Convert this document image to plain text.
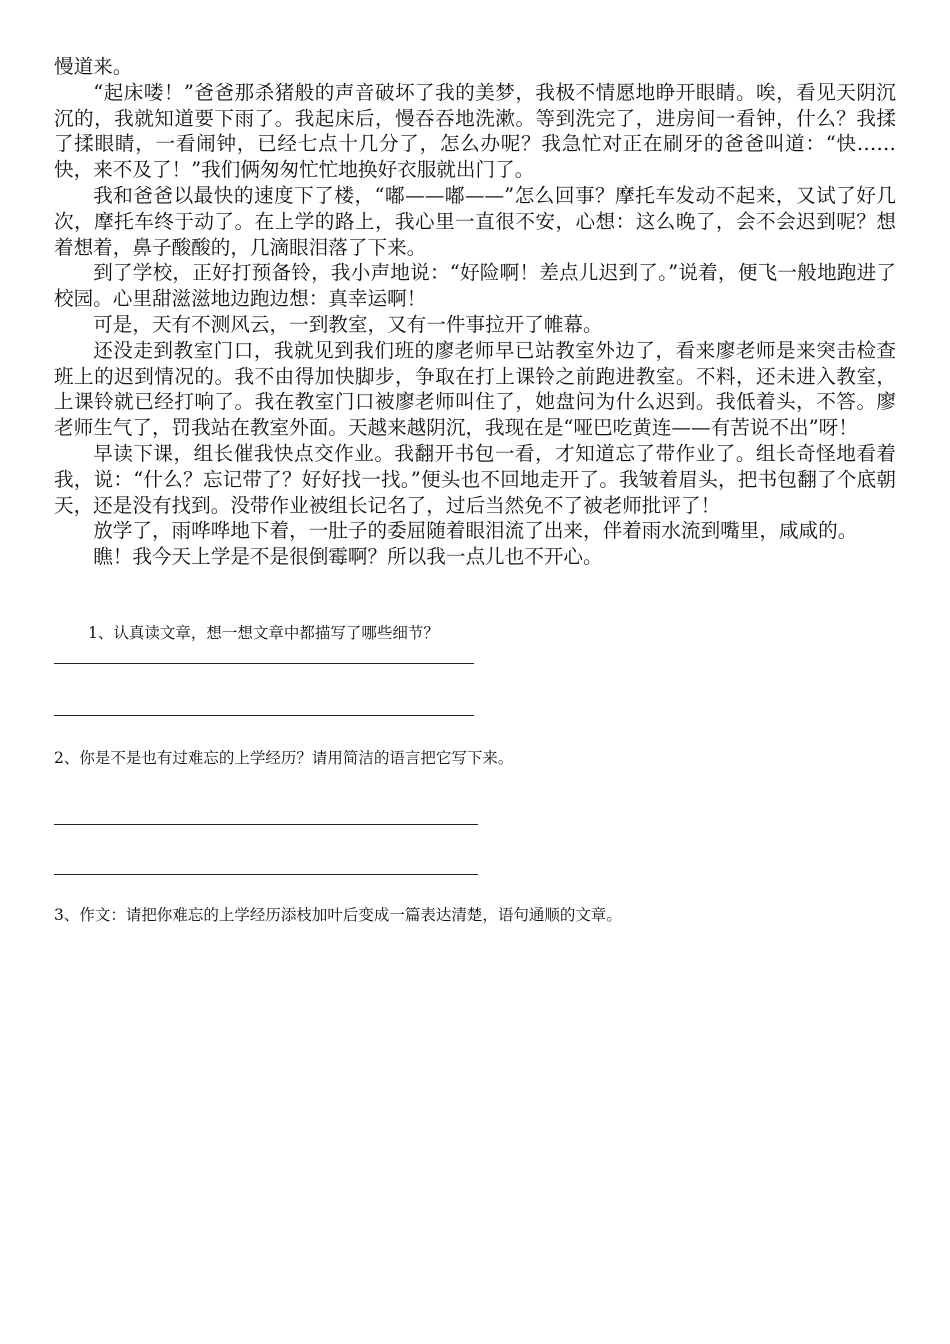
慢道来。

“起床喽！”爸爸那杀猪般的声音破坏了我的美梦，我极不情愿地睁开眼睛。唉，看见天阴沉沉的，我就知道要下雨了。我起床后，慢吞吞地洗漱。等到洗完了，进房间一看钟，什么？我揉了揉眼睛，一看闹钟，已经七点十几分了，怎么办呢？我急忙对正在刷牙的爸爸叫道：“快……快，来不及了！”我们俩匆匆忙忙地换好衣服就出门了。

我和爸爸以最快的速度下了楼，“嘟——嘟——”怎么回事？摩托车发动不起来，又试了好几次，摩托车终于动了。在上学的路上，我心里一直很不安，心想：这么晚了，会不会迟到呢？想着想着，鼻子酸酸的，几滴眼泪落了下来。

到了学校，正好打预备铃，我小声地说：“好险啊！差点儿迟到了。”说着，便飞一般地跑进了校园。心里甜滋滋地边跑边想：真幸运啊！

可是，天有不测风云，一到教室，又有一件事拉开了帷幕。

还没走到教室门口，我就见到我们班的廖老师早已站教室外边了，看来廖老师是来突击检查班上的迟到情况的。我不由得加快脚步，争取在打上课铃之前跑进教室。不料，还未进入教室，上课铃就已经打响了。我在教室门口被廖老师叫住了，她盘问为什么迟到。我低着头，不答。廖老师生气了，罚我站在教室外面。天越来越阴沉，我现在是“哑巴吃黄连——有苦说不出”呀！

早读下课，组长催我快点交作业。我翻开书包一看，才知道忘了带作业了。组长奇怪地看着我，说：“什么？忘记带了？好好找一找。”便头也不回地走开了。我皱着眉头，把书包翻了个底朝天，还是没有找到。没带作业被组长记名了，过后当然免不了被老师批评了！

放学了，雨哗哗地下着，一肚子的委屈随着眼泪流了出来，伴着雨水流到嘴里，咸咸的。

瞧！我今天上学是不是很倒霉啊？所以我一点儿也不开心。

1、认真读文章，想一想文章中都描写了哪些细节？

2、你是不是也有过难忘的上学经历？请用简洁的语言把它写下来。

3、作文：请把你难忘的上学经历添枝加叶后变成一篇表达清楚，语句通顺的文章。
